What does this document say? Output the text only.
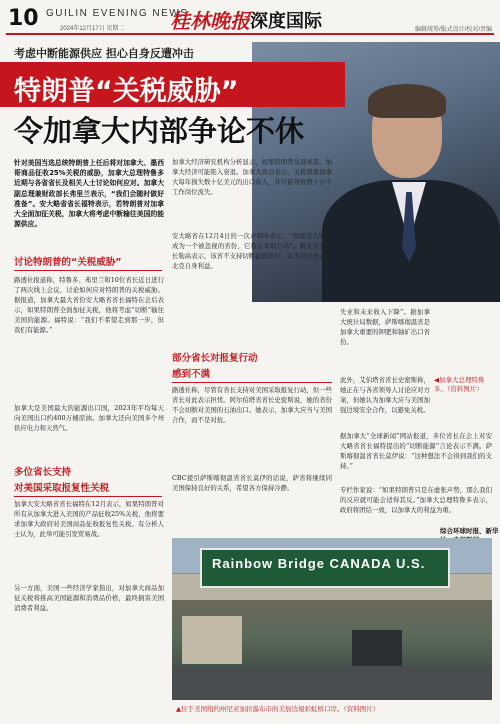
10 GUILIN EVENING NEWS
2024年12月17日 星期二 桂林晚报 深度国际	编辑统筹/版式设计/校对/责编
考虑中断能源供应 担心自身反遭冲击
特朗普“关税威胁”
令加拿大内部争论不休
针对美国当选总统特朗普上任后将对加拿大、墨西哥商品征收25%关税的威胁，加拿大总理特鲁多近期与各省省长及相关人士讨论如何应对。加拿大副总理兼财政部长弗里兰表示，“我们会随时做好准备”。安大略省省长福特表示，若特朗普对加拿大全面加征关税，加拿大将考虑中断输往美国的能源供应。
讨论特朗普的“关税威胁”
路透社报道称，特鲁多、弗里兰和10位省长近日进行了两次线上会议，讨论如何应对特朗普的关税威胁。据报道，加拿大最大省份安大略省省长福特在会后表示，如果特朗普全面加征关税，他将考虑“切断”输往美国的能源。福特说：“我们不希望走到那一步，但我们有能源。”
加拿大是美国最大的能源出口国，2023年平均每天向美国出口约400万桶原油。加拿大还向美国多个州供应电力和天然气。
多位省长支持
对美国采取报复性关税
加拿大安大略省省长福特在12月表示，如果特朗普对所有从加拿大进入美国的产品征收25%关税，他将要求加拿大政府对美国商品征收报复性关税。有分析人士认为，此举可能引发贸易战。
加拿大经济研究机构分析显示，如果特朗普兑现承诺，加拿大经济可能陷入衰退。加拿大商会表示，关税将使加拿大每年损失数十亿美元的出口收入，并可能导致数十万个工作岗位流失。
安大略省在12月4日的一次声明中表示，“如果安大略省成为一个被忽视的省份，它将会采取行动”。魁北克省省长勒高表示，该省不支持切断能源供应，认为这会伤害魁北克自身利益。
部分省长对报复行动
感到不满
路透社称，尽管有省长支持对美国采取报复行动，但一些省长对此表示担忧。阿尔伯塔省省长史密斯说，她的省份不会切断对美国的石油出口。她表示，加拿大应当与美国合作，而不是对抗。
CBC援引萨斯喀彻温省省长莫伊的话说，萨省将继续同美国保持良好的关系，希望各方保持冷静。
失业和未来收入下降”。据加拿大统计局数据，萨斯喀彻温省是加拿大重要的钾肥和铀矿出口省份。
◀加拿大总理特鲁多。（资料图片）
此外，艾伯塔省省长史密斯称，她正在与各省领导人讨论应对方案，但她认为加拿大应与美国加强边境安全合作，以避免关税。
据加拿大“全球新闻”网站报道，多位省长在会上对安大略省省长福特提出的“切断能源”言论表示不满。萨斯喀彻温省省长莫伊说：“这种想法不会得到我们的支持。”
专栏作家说：“如果特朗普只是在虚张声势，那么我们的反应就可能会适得其反。”加拿大总理特鲁多表示，政府将团结一致，以加拿大的利益为重。
综合环球时报、新华
另一方面，美国一些经济学家指出，对加拿大商品加征关税将推高美国能源和消费品价格，最终损害美国消费者利益。
Rainbow Bridge CANADA U.S.
▲位于美国纽约州尼亚加拉瀑布市的美加边境彩虹桥口岸。（资料图片）
